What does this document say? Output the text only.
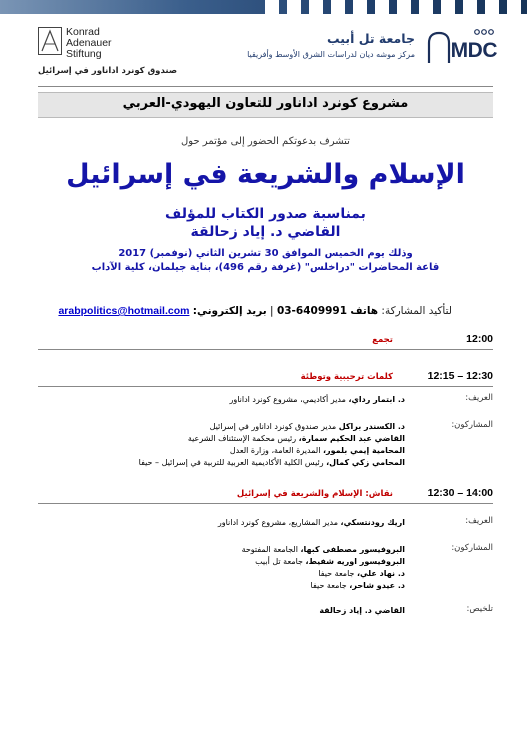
Konrad
Adenauer
Stiftung
صندوق كونرد اداناور في إسرائيل
MDC
جامعة تل أبيب
مركز موشه ديان لدراسات الشرق الأوسط وأفريقيا
مشروع كونرد اداناور للتعاون اليهودي-العربي
تتشرف بدعوتكم الحضور إلى مؤتمر حول
الإسلام والشريعة في إسرائيل
بمناسبة صدور الكتاب للمؤلف
القاضي د. إياد زحالقة
وذلك يوم الخميس الموافق 30 تشرين الثاني (نوفمبر) 2017
قاعة المحاضرات "دراخلس" (غرفة رقم 496)، بناية جيلمان، كلية الآداب
لتأكيد المشاركة: هاتف 03-6409991 | بريد إلكتروني: arabpolitics@hotmail.com
12:00
تجمع
12:15 – 12:30
كلمات ترحيبية وتوطئة
العريف:
د. ابتمار رداي، مدير أكاديمي، مشروع كونرد اداناور
المشاركون:
د. الكسندر براكل مدير صندوق كونرد اداناور في إسرائيل
القاضي عبد الحكيم سمارة، رئيس محكمة الإستئناف الشرعية
المحامية إيمي بلمور، المديرة العامة، وزارة العدل
المحامي زكي كمال، رئيس الكلية الأكاديمية العربية للتربية في إسرائيل – حيفا
12:30 – 14:00
نقاش: الإسلام والشريعة في إسرائيل
العريف:
اريك رودنتسكي، مدير المشاريع، مشروع كونرد اداناور
المشاركون:
البروفيسور مصطفى كبها، الجامعة المفتوحة
البروفيسور اوريه شفيط، جامعة تل أبيب
د. نهاد علي، جامعة حيفا
د. عيدو شاحر، جامعة حيفا
تلخيص:
القاضي د. إياد زحالقة
